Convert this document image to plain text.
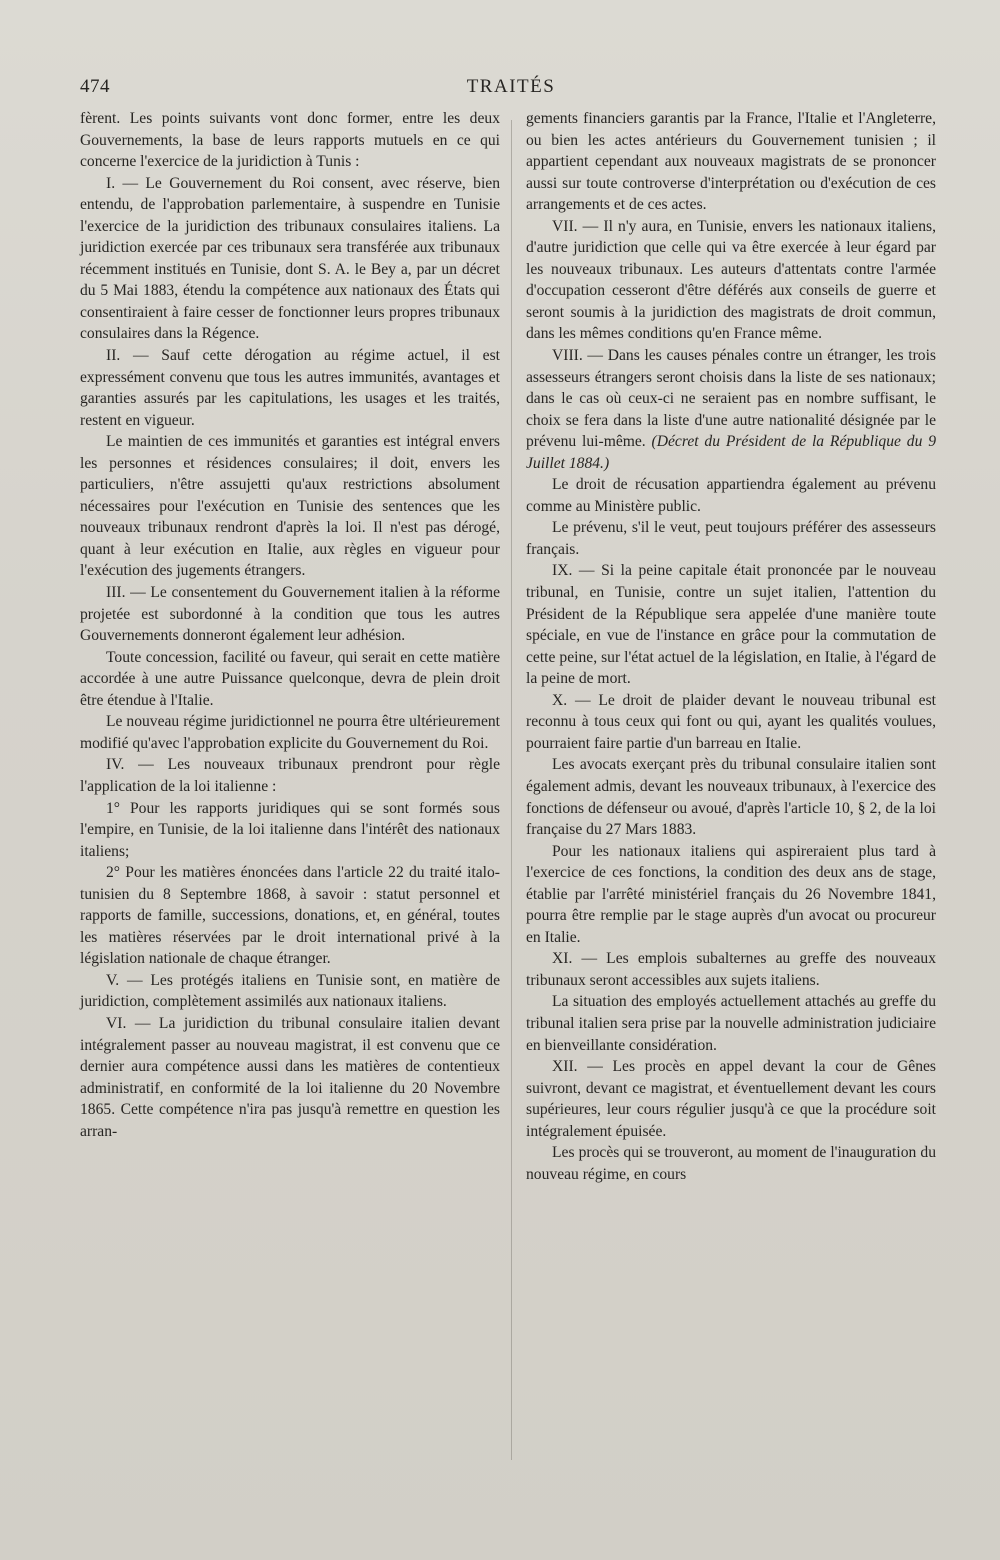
474	TRAITÉS

fèrent. Les points suivants vont donc former, entre les deux Gouvernements, la base de leurs rapports mutuels en ce qui concerne l'exercice de la juridiction à Tunis :

I. — Le Gouvernement du Roi consent, avec réserve, bien entendu, de l'approbation parlementaire, à suspendre en Tunisie l'exercice de la juridiction des tribunaux consulaires italiens. La juridiction exercée par ces tribunaux sera transférée aux tribunaux récemment institués en Tunisie, dont S. A. le Bey a, par un décret du 5 Mai 1883, étendu la compétence aux nationaux des États qui consentiraient à faire cesser de fonctionner leurs propres tribunaux consulaires dans la Régence.

II. — Sauf cette dérogation au régime actuel, il est expressément convenu que tous les autres immunités, avantages et garanties assurés par les capitulations, les usages et les traités, restent en vigueur.

Le maintien de ces immunités et garanties est intégral envers les personnes et résidences consulaires; il doit, envers les particuliers, n'être assujetti qu'aux restrictions absolument nécessaires pour l'exécution en Tunisie des sentences que les nouveaux tribunaux rendront d'après la loi. Il n'est pas dérogé, quant à leur exécution en Italie, aux règles en vigueur pour l'exécution des jugements étrangers.

III. — Le consentement du Gouvernement italien à la réforme projetée est subordonné à la condition que tous les autres Gouvernements donneront également leur adhésion.

Toute concession, facilité ou faveur, qui serait en cette matière accordée à une autre Puissance quelconque, devra de plein droit être étendue à l'Italie.

Le nouveau régime juridictionnel ne pourra être ultérieurement modifié qu'avec l'approbation explicite du Gouvernement du Roi.

IV. — Les nouveaux tribunaux prendront pour règle l'application de la loi italienne :

1° Pour les rapports juridiques qui se sont formés sous l'empire, en Tunisie, de la loi italienne dans l'intérêt des nationaux italiens;

2° Pour les matières énoncées dans l'article 22 du traité italo-tunisien du 8 Septembre 1868, à savoir : statut personnel et rapports de famille, successions, donations, et, en général, toutes les matières réservées par le droit international privé à la législation nationale de chaque étranger.

V. — Les protégés italiens en Tunisie sont, en matière de juridiction, complètement assimilés aux nationaux italiens.

VI. — La juridiction du tribunal consulaire italien devant intégralement passer au nouveau magistrat, il est convenu que ce dernier aura compétence aussi dans les matières de contentieux administratif, en conformité de la loi italienne du 20 Novembre 1865. Cette compétence n'ira pas jusqu'à remettre en question les arran-

gements financiers garantis par la France, l'Italie et l'Angleterre, ou bien les actes antérieurs du Gouvernement tunisien ; il appartient cependant aux nouveaux magistrats de se prononcer aussi sur toute controverse d'interprétation ou d'exécution de ces arrangements et de ces actes.

VII. — Il n'y aura, en Tunisie, envers les nationaux italiens, d'autre juridiction que celle qui va être exercée à leur égard par les nouveaux tribunaux. Les auteurs d'attentats contre l'armée d'occupation cesseront d'être déférés aux conseils de guerre et seront soumis à la juridiction des magistrats de droit commun, dans les mêmes conditions qu'en France même.

VIII. — Dans les causes pénales contre un étranger, les trois assesseurs étrangers seront choisis dans la liste de ses nationaux; dans le cas où ceux-ci ne seraient pas en nombre suffisant, le choix se fera dans la liste d'une autre nationalité désignée par le prévenu lui-même. (Décret du Président de la République du 9 Juillet 1884.)

Le droit de récusation appartiendra également au prévenu comme au Ministère public.

Le prévenu, s'il le veut, peut toujours préférer des assesseurs français.

IX. — Si la peine capitale était prononcée par le nouveau tribunal, en Tunisie, contre un sujet italien, l'attention du Président de la République sera appelée d'une manière toute spéciale, en vue de l'instance en grâce pour la commutation de cette peine, sur l'état actuel de la législation, en Italie, à l'égard de la peine de mort.

X. — Le droit de plaider devant le nouveau tribunal est reconnu à tous ceux qui font ou qui, ayant les qualités voulues, pourraient faire partie d'un barreau en Italie.

Les avocats exerçant près du tribunal consulaire italien sont également admis, devant les nouveaux tribunaux, à l'exercice des fonctions de défenseur ou avoué, d'après l'article 10, § 2, de la loi française du 27 Mars 1883.

Pour les nationaux italiens qui aspireraient plus tard à l'exercice de ces fonctions, la condition des deux ans de stage, établie par l'arrêté ministériel français du 26 Novembre 1841, pourra être remplie par le stage auprès d'un avocat ou procureur en Italie.

XI. — Les emplois subalternes au greffe des nouveaux tribunaux seront accessibles aux sujets italiens.

La situation des employés actuellement attachés au greffe du tribunal italien sera prise par la nouvelle administration judiciaire en bienveillante considération.

XII. — Les procès en appel devant la cour de Gênes suivront, devant ce magistrat, et éventuellement devant les cours supérieures, leur cours régulier jusqu'à ce que la procédure soit intégralement épuisée.

Les procès qui se trouveront, au moment de l'inauguration du nouveau régime, en cours
